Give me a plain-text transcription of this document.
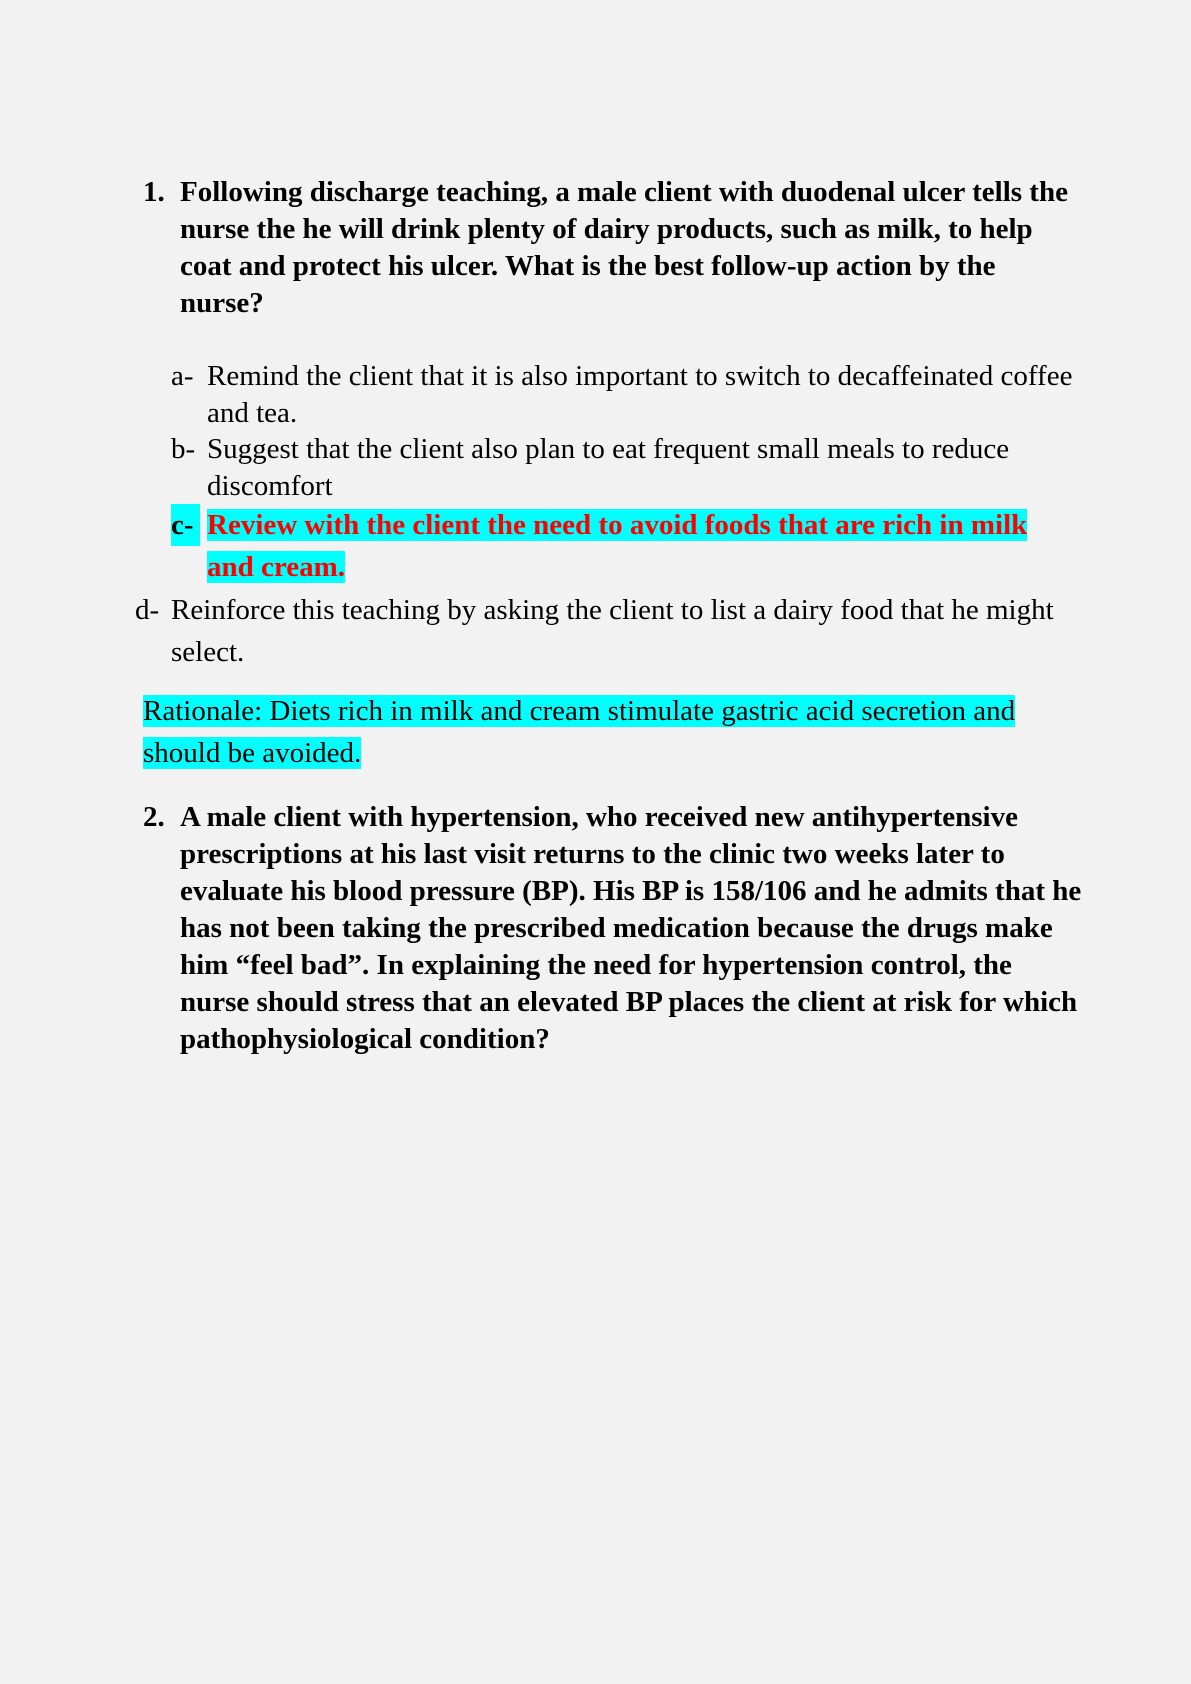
1. Following discharge teaching, a male client with duodenal ulcer tells the nurse the he will drink plenty of dairy products, such as milk, to help coat and protect his ulcer. What is the best follow-up action by the nurse?
a- Remind the client that it is also important to switch to decaffeinated coffee and tea.
b- Suggest that the client also plan to eat frequent small meals to reduce discomfort
c- Review with the client the need to avoid foods that are rich in milk and cream.
d- Reinforce this teaching by asking the client to list a dairy food that he might select.
Rationale: Diets rich in milk and cream stimulate gastric acid secretion and should be avoided.
2. A male client with hypertension, who received new antihypertensive prescriptions at his last visit returns to the clinic two weeks later to evaluate his blood pressure (BP). His BP is 158/106 and he admits that he has not been taking the prescribed medication because the drugs make him “feel bad”. In explaining the need for hypertension control, the nurse should stress that an elevated BP places the client at risk for which pathophysiological condition?
